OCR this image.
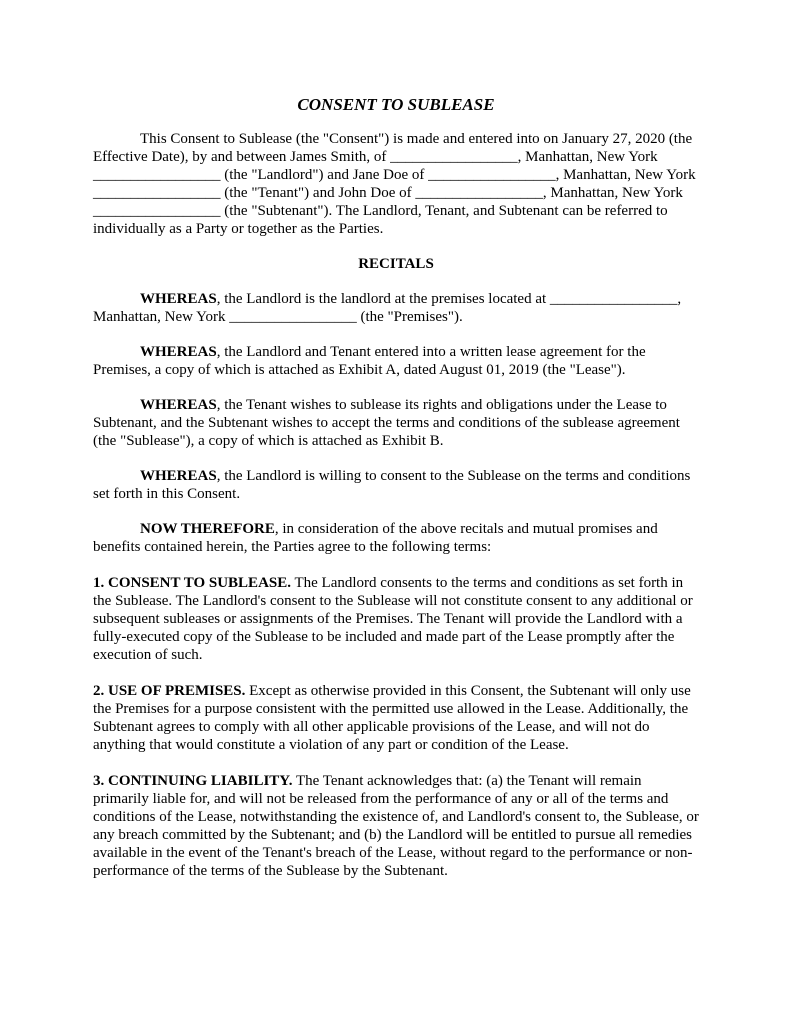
CONSENT TO SUBLEASE

This Consent to Sublease (the "Consent") is made and entered into on January 27, 2020 (the Effective Date), by and between James Smith, of _________________, Manhattan, New York _________________ (the "Landlord") and Jane Doe of _________________, Manhattan, New York _________________ (the "Tenant") and John Doe of _________________, Manhattan, New York _________________ (the "Subtenant"). The Landlord, Tenant, and Subtenant can be referred to individually as a Party or together as the Parties.

RECITALS

WHEREAS, the Landlord is the landlord at the premises located at _________________, Manhattan, New York _________________ (the "Premises").

WHEREAS, the Landlord and Tenant entered into a written lease agreement for the Premises, a copy of which is attached as Exhibit A, dated August 01, 2019 (the "Lease").

WHEREAS, the Tenant wishes to sublease its rights and obligations under the Lease to Subtenant, and the Subtenant wishes to accept the terms and conditions of the sublease agreement (the "Sublease"), a copy of which is attached as Exhibit B.

WHEREAS, the Landlord is willing to consent to the Sublease on the terms and conditions set forth in this Consent.

NOW THEREFORE, in consideration of the above recitals and mutual promises and benefits contained herein, the Parties agree to the following terms:

1. CONSENT TO SUBLEASE. The Landlord consents to the terms and conditions as set forth in the Sublease. The Landlord's consent to the Sublease will not constitute consent to any additional or subsequent subleases or assignments of the Premises. The Tenant will provide the Landlord with a fully-executed copy of the Sublease to be included and made part of the Lease promptly after the execution of such.

2. USE OF PREMISES. Except as otherwise provided in this Consent, the Subtenant will only use the Premises for a purpose consistent with the permitted use allowed in the Lease. Additionally, the Subtenant agrees to comply with all other applicable provisions of the Lease, and will not do anything that would constitute a violation of any part or condition of the Lease.

3. CONTINUING LIABILITY. The Tenant acknowledges that: (a) the Tenant will remain primarily liable for, and will not be released from the performance of any or all of the terms and conditions of the Lease, notwithstanding the existence of, and Landlord's consent to, the Sublease, or any breach committed by the Subtenant; and (b) the Landlord will be entitled to pursue all remedies available in the event of the Tenant's breach of the Lease, without regard to the performance or non-performance of the terms of the Sublease by the Subtenant.
